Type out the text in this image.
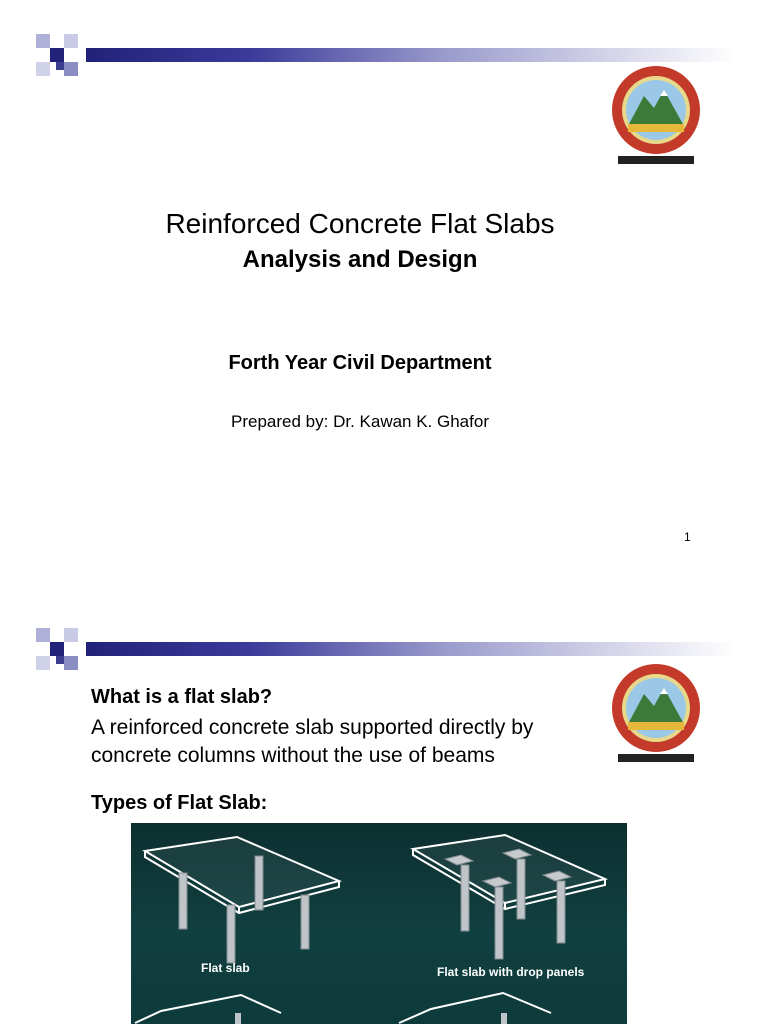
Reinforced Concrete Flat Slabs
Analysis and Design
Forth Year Civil Department
Prepared by: Dr. Kawan K. Ghafor
1
What is a flat slab?
A reinforced concrete slab supported directly by concrete columns without the use of beams
Types of Flat Slab:
Flat slab	Flat slab with drop panels
